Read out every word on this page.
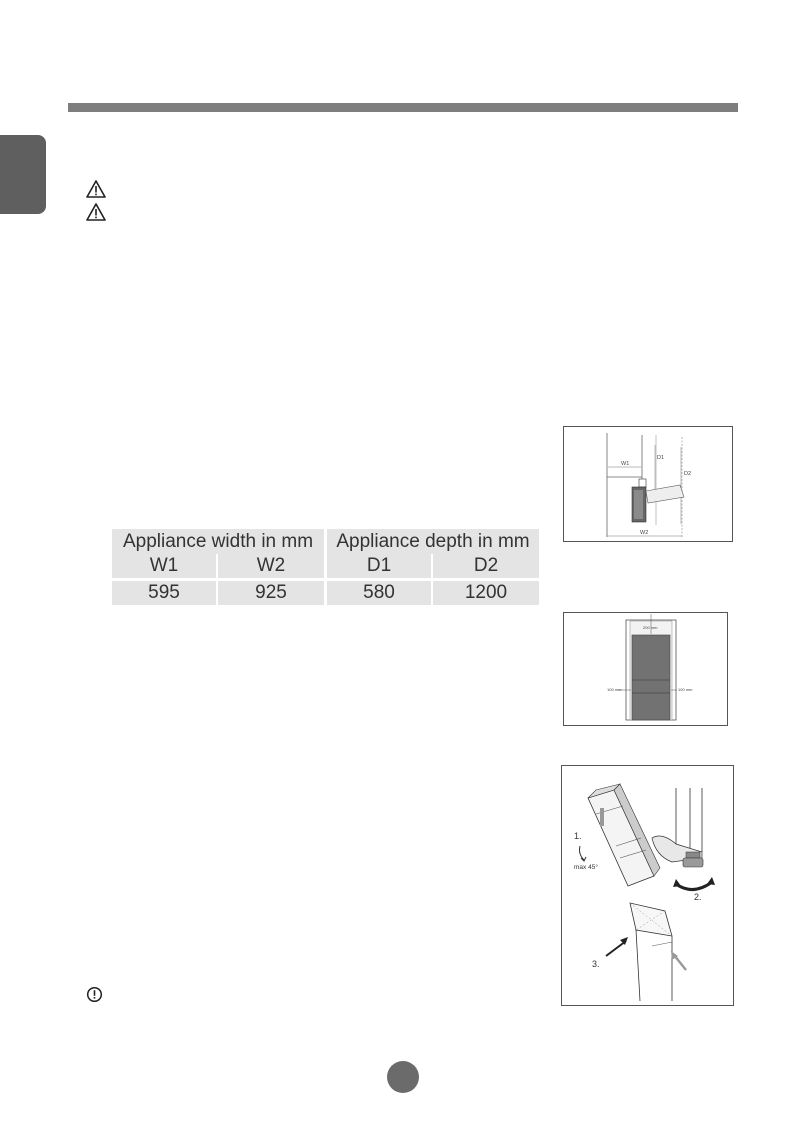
Appliance width in mm		Appliance depth in mm	
W1	W2	D1	D2
595	925	580	1200
W1
D1
D2
W2
200 mm
100 mm	100 mm
1.
max 45°
2.
3.
